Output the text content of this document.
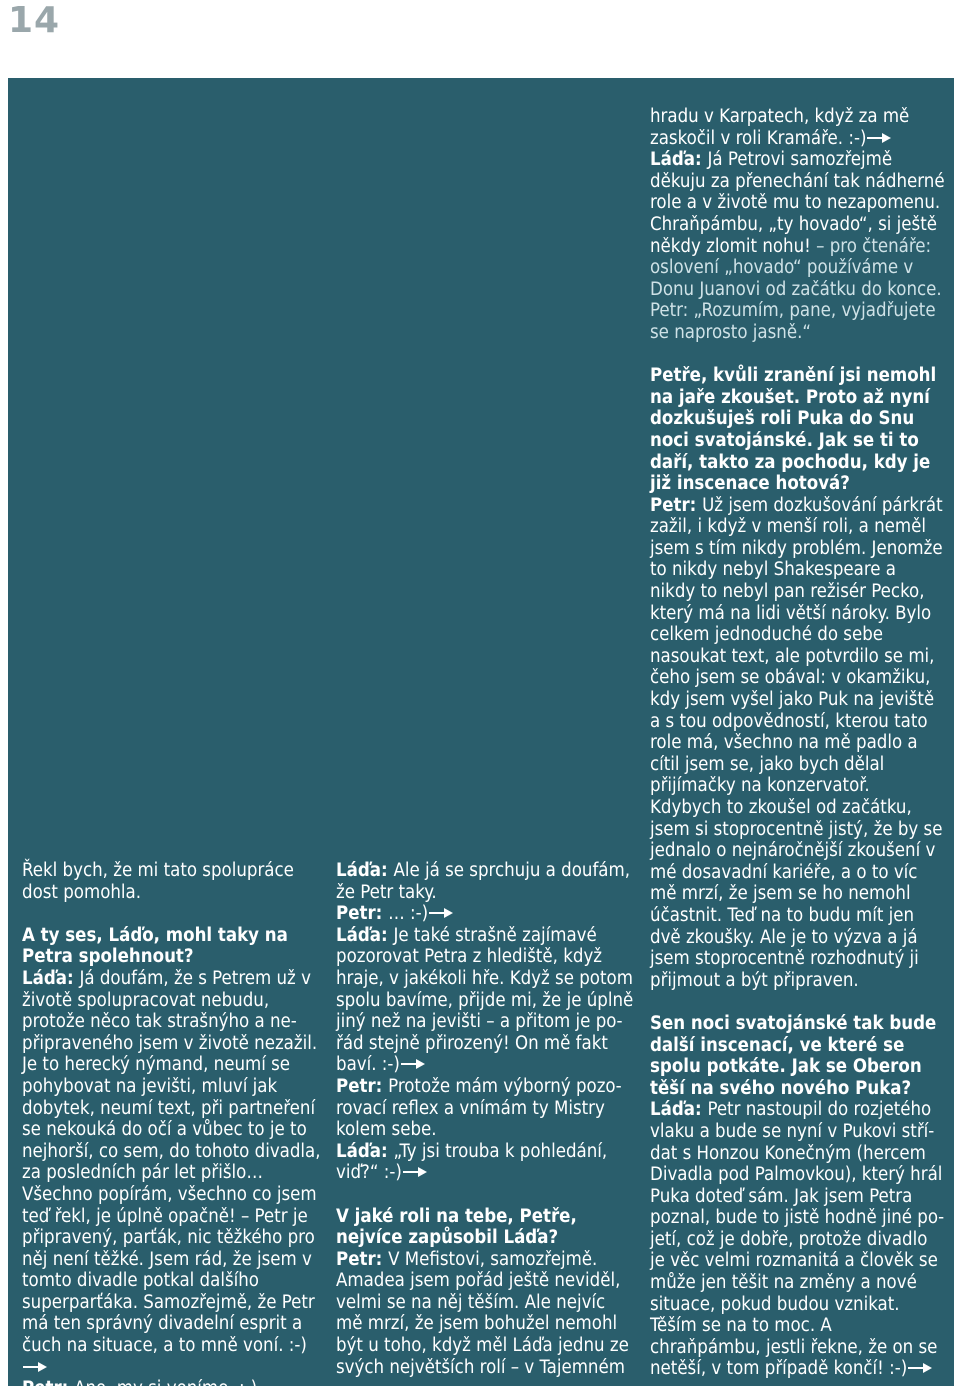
14

Řekl bych, že mi tato spolupráce dost pomohla.

A ty ses, Láďo, mohl taky na Petra spolehnout?

Láďa: Já doufám, že s Petrem už v životě spolupracovat nebudu, protože něco tak strašnýho a nepřipraveného jsem v životě nezažil. Je to herecký nýmand, neumí se pohybovat na jevišti, mluví jak dobytek, neumí text, při partneření se nekouká do očí a vůbec to je to nejhorší, co sem, do tohoto divadla, za posledních pár let přišlo… Všechno popírám, všechno co jsem teď řekl, je úplně opačně! – Petr je připravený, parťák, nic těžkého pro něj není těžké. Jsem rád, že jsem v tomto divadle potkal dalšího superparťáka. Samozřejmě, že Petr má ten správný divadelní esprit a čuch na situace, a to mně voní. :-)

Petr: Ano, my si voníme. :-)

Láďa: Ale já se sprchuju a doufám, že Petr taky.

Petr: … :-)

Láďa: Je také strašně zajímavé pozorovat Petra z hlediště, když hraje, v jakékoli hře. Když se potom spolu bavíme, přijde mi, že je úplně jiný než na jevišti – a přitom je pořád stejně přirozený! On mě fakt baví. :-)

Petr: Protože mám výborný pozorovací reflex a vnímám ty Mistry kolem sebe.

Láďa: „Ty jsi trouba k pohledání, viď?“ :-)

V jaké roli na tebe, Petře, nejvíce zapůsobil Láďa?

Petr: V Mefistovi, samozřejmě. Amadea jsem pořád ještě neviděl, velmi se na něj těším. Ale nejvíc mě mrzí, že jsem bohužel nemohl být u toho, když měl Láďa jednu ze svých největších rolí – v Tajemném

hradu v Karpatech, když za mě zaskočil v roli Kramáře. :-)

Láďa: Já Petrovi samozřejmě děkuju za přenechání tak nádherné role a v životě mu to nezapomenu. Chraňpámbu, „ty hovado“, si ještě někdy zlomit nohu! – pro čtenáře: oslovení „hovado“ používáme v Donu Juanovi od začátku do konce.

Petr: „Rozumím, pane, vyjadřujete se naprosto jasně.“

Petře, kvůli zranění jsi nemohl na jaře zkoušet. Proto až nyní dozkušuješ roli Puka do Snu noci svatojánské. Jak se ti to daří, takto za pochodu, kdy je již inscenace hotová?

Petr: Už jsem dozkušování párkrát zažil, i když v menší roli, a neměl jsem s tím nikdy problém. Jenomže to nikdy nebyl Shakespeare a nikdy to nebyl pan režisér Pecko, který má na lidi větší nároky. Bylo celkem jednoduché do sebe nasoukat text, ale potvrdilo se mi, čeho jsem se obával: v okamžiku, kdy jsem vyšel jako Puk na jeviště a s tou odpovědností, kterou tato role má, všechno na mě padlo a cítil jsem se, jako bych dělal přijímačky na konzervatoř. Kdybych to zkoušel od začátku, jsem si stoprocentně jistý, že by se jednalo o nejnáročnější zkoušení v mé dosavadní kariéře, a o to víc mě mrzí, že jsem se ho nemohl účastnit. Teď na to budu mít jen dvě zkoušky. Ale je to výzva a já jsem stoprocentně rozhodnutý ji přijmout a být připraven.

Sen noci svatojánské tak bude další inscenací, ve které se spolu potkáte. Jak se Oberon těší na svého nového Puka?

Láďa: Petr nastoupil do rozjetého vlaku a bude se nyní v Pukovi střídat s Honzou Konečným (hercem Divadla pod Palmovkou), který hrál Puka doteď sám. Jak jsem Petra poznal, bude to jistě hodně jiné pojetí, což je dobře, protože divadlo je věc velmi rozmanitá a člověk se může jen těšit na změny a nové situace, pokud budou vznikat. Těším se na to moc. A chraňpámbu, jestli řekne, že on se netěší, v tom případě končí! :-)
